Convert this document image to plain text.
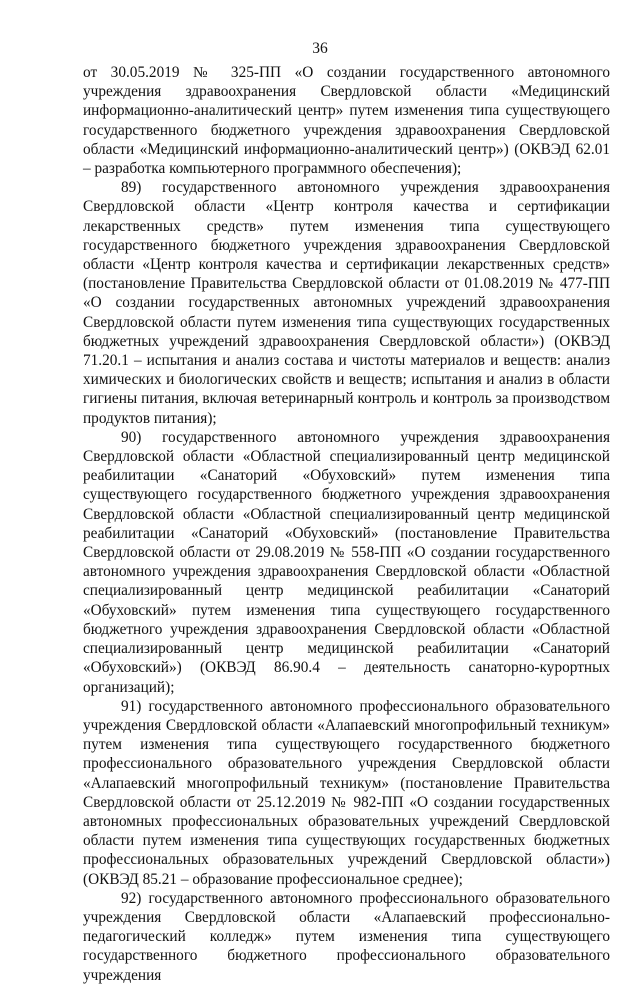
36

от 30.05.2019 № 325-ПП «О создании государственного автономного учреждения здравоохранения Свердловской области «Медицинский информационно-аналитический центр» путем изменения типа существующего государственного бюджетного учреждения здравоохранения Свердловской области «Медицинский информационно-аналитический центр») (ОКВЭД 62.01 – разработка компьютерного программного обеспечения);

89) государственного автономного учреждения здравоохранения Свердловской области «Центр контроля качества и сертификации лекарственных средств» путем изменения типа существующего государственного бюджетного учреждения здравоохранения Свердловской области «Центр контроля качества и сертификации лекарственных средств» (постановление Правительства Свердловской области от 01.08.2019 № 477-ПП «О создании государственных автономных учреждений здравоохранения Свердловской области путем изменения типа существующих государственных бюджетных учреждений здравоохранения Свердловской области») (ОКВЭД 71.20.1 – испытания и анализ состава и чистоты материалов и веществ: анализ химических и биологических свойств и веществ; испытания и анализ в области гигиены питания, включая ветеринарный контроль и контроль за производством продуктов питания);

90) государственного автономного учреждения здравоохранения Свердловской области «Областной специализированный центр медицинской реабилитации «Санаторий «Обуховский» путем изменения типа существующего государственного бюджетного учреждения здравоохранения Свердловской области «Областной специализированный центр медицинской реабилитации «Санаторий «Обуховский» (постановление Правительства Свердловской области от 29.08.2019 № 558-ПП «О создании государственного автономного учреждения здравоохранения Свердловской области «Областной специализированный центр медицинской реабилитации «Санаторий «Обуховский» путем изменения типа существующего государственного бюджетного учреждения здравоохранения Свердловской области «Областной специализированный центр медицинской реабилитации «Санаторий «Обуховский») (ОКВЭД 86.90.4 – деятельность санаторно-курортных организаций);

91) государственного автономного профессионального образовательного учреждения Свердловской области «Алапаевский многопрофильный техникум» путем изменения типа существующего государственного бюджетного профессионального образовательного учреждения Свердловской области «Алапаевский многопрофильный техникум» (постановление Правительства Свердловской области от 25.12.2019 № 982-ПП «О создании государственных автономных профессиональных образовательных учреждений Свердловской области путем изменения типа существующих государственных бюджетных профессиональных образовательных учреждений Свердловской области») (ОКВЭД 85.21 – образование профессиональное среднее);

92) государственного автономного профессионального образовательного учреждения Свердловской области «Алапаевский профессионально-педагогический колледж» путем изменения типа существующего государственного бюджетного профессионального образовательного учреждения
